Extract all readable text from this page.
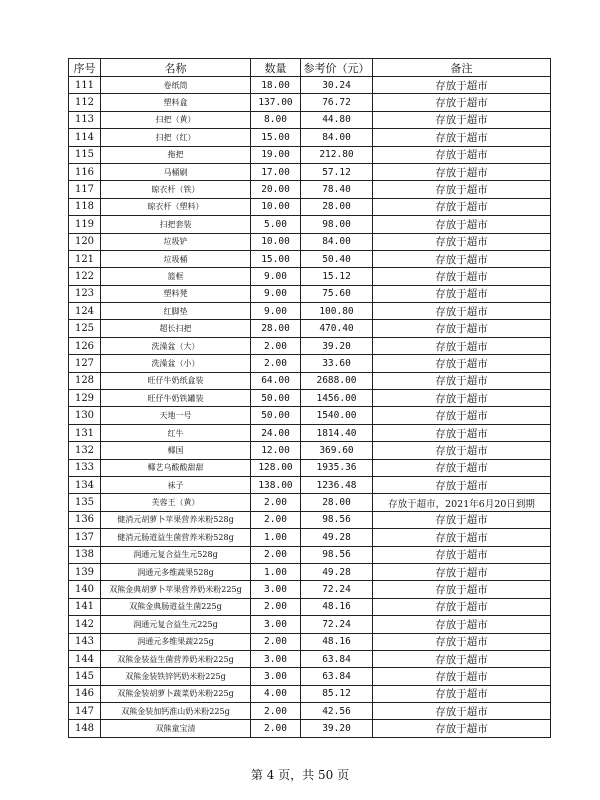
序号	名称	数量	参考价（元）	备注
111	卷纸筒	18.00	30.24	存放于超市
112	塑料盒	137.00	76.72	存放于超市
113	扫把（黄）	8.00	44.80	存放于超市
114	扫把（红）	15.00	84.00	存放于超市
115	拖把	19.00	212.80	存放于超市
116	马桶刷	17.00	57.12	存放于超市
117	晾衣杆（铁）	20.00	78.40	存放于超市
118	晾衣杆（塑料）	10.00	28.00	存放于超市
119	扫把套装	5.00	98.00	存放于超市
120	垃圾铲	10.00	84.00	存放于超市
121	垃圾桶	15.00	50.40	存放于超市
122	篮框	9.00	15.12	存放于超市
123	塑料凳	9.00	75.60	存放于超市
124	红脚垫	9.00	100.80	存放于超市
125	超长扫把	28.00	470.40	存放于超市
126	洗澡盆（大）	2.00	39.20	存放于超市
127	洗澡盆（小）	2.00	33.60	存放于超市
128	旺仔牛奶纸盒装	64.00	2688.00	存放于超市
129	旺仔牛奶铁罐装	50.00	1456.00	存放于超市
130	天地一号	50.00	1540.00	存放于超市
131	红牛	24.00	1814.40	存放于超市
132	椰国	12.00	369.60	存放于超市
133	椰艺乌酸酸甜甜	128.00	1935.36	存放于超市
134	袜子	138.00	1236.48	存放于超市
135	芙蓉王（黄）	2.00	28.00	存放于超市，2021年6月20日到期
136	健消元胡萝卜苹果营养米粉528g	2.00	98.56	存放于超市
137	健消元肠道益生菌营养米粉528g	1.00	49.28	存放于超市
138	润通元复合益生元528g	2.00	98.56	存放于超市
139	润通元多维蔬果528g	1.00	49.28	存放于超市
140	双熊金典胡萝卜苹果营养奶米粉225g	3.00	72.24	存放于超市
141	双熊金典肠道益生菌225g	2.00	48.16	存放于超市
142	润通元复合益生元225g	3.00	72.24	存放于超市
143	润通元多维果蔬225g	2.00	48.16	存放于超市
144	双熊金装益生菌营养奶米粉225g	3.00	63.84	存放于超市
145	双熊金装铁锌钙奶米粉225g	3.00	63.84	存放于超市
146	双熊金装胡萝卜蔬菜奶米粉225g	4.00	85.12	存放于超市
147	双熊金装加钙淮山奶米粉225g	2.00	42.56	存放于超市
148	双熊童宝清	2.00	39.20	存放于超市
第 4 页，共 50 页
